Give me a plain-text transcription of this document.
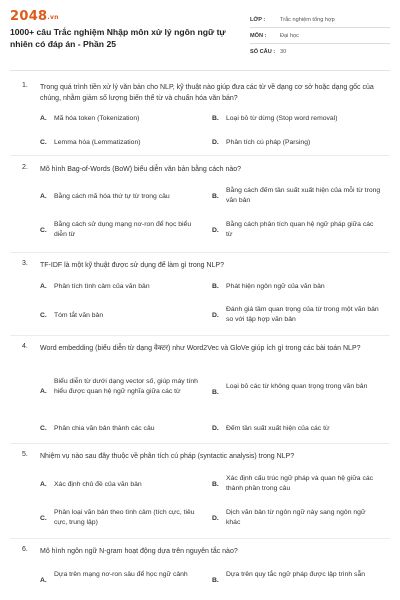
2048.vn
1000+ câu Trắc nghiệm Nhập môn xử lý ngôn ngữ tự nhiên có đáp án - Phần 25
LỚP :	Trắc nghiệm tổng hợp
MÔN :	Đại học
SỐ CÂU : 30
1. Trong quá trình tiền xử lý văn bản cho NLP, kỹ thuật nào giúp đưa các từ về dạng cơ sở hoặc dạng gốc của chúng, nhằm giảm số lượng biến thể từ và chuẩn hóa văn bản?
A. Mã hóa token (Tokenization)	B. Loại bỏ từ dừng (Stop word removal)
C. Lemma hóa (Lemmatization)	D. Phân tích cú pháp (Parsing)
2. Mô hình Bag-of-Words (BoW) biểu diễn văn bản bằng cách nào?
A. Bằng cách mã hóa thứ tự từ trong câu	B.
Bằng cách đếm tần suất xuất hiện của mỗi từ trong văn bản
C.
Bằng cách sử dụng mạng nơ-ron để học biểu diễn từ
D.
Bằng cách phân tích quan hệ ngữ pháp giữa các từ
3. TF-IDF là một kỹ thuật được sử dụng để làm gì trong NLP?
A. Phân tích tình cảm của văn bản	B. Phát hiện ngôn ngữ của văn bản
C. Tóm tắt văn bản	D.
Đánh giá tầm quan trọng của từ trong một văn bản so với tập hợp văn bản
4. Word embedding (biểu diễn từ dạng वेक्टर) như Word2Vec và GloVe giúp ích gì trong các bài toán NLP?
A.
Biểu diễn từ dưới dạng vector số, giúp máy tính hiểu được quan hệ ngữ nghĩa giữa các từ	B.
Loại bỏ các từ không quan trọng trong văn bản
C. Phân chia văn bản thành các câu	D. Đếm tần suất xuất hiện của các từ
5. Nhiệm vụ nào sau đây thuộc về phân tích cú pháp (syntactic analysis) trong NLP?
A. Xác định chủ đề của văn bản	B.
Xác định cấu trúc ngữ pháp và quan hệ giữa các thành phần trong câu
C.
Phân loại văn bản theo tình cảm (tích cực, tiêu cực, trung lập)
D.
Dịch văn bản từ ngôn ngữ này sang ngôn ngữ khác
6. Mô hình ngôn ngữ N-gram hoạt động dựa trên nguyên tắc nào?
A.
Dựa trên mạng nơ-ron sâu để học ngữ cảnh
B.
Dựa trên quy tắc ngữ pháp được lập trình sẵn
